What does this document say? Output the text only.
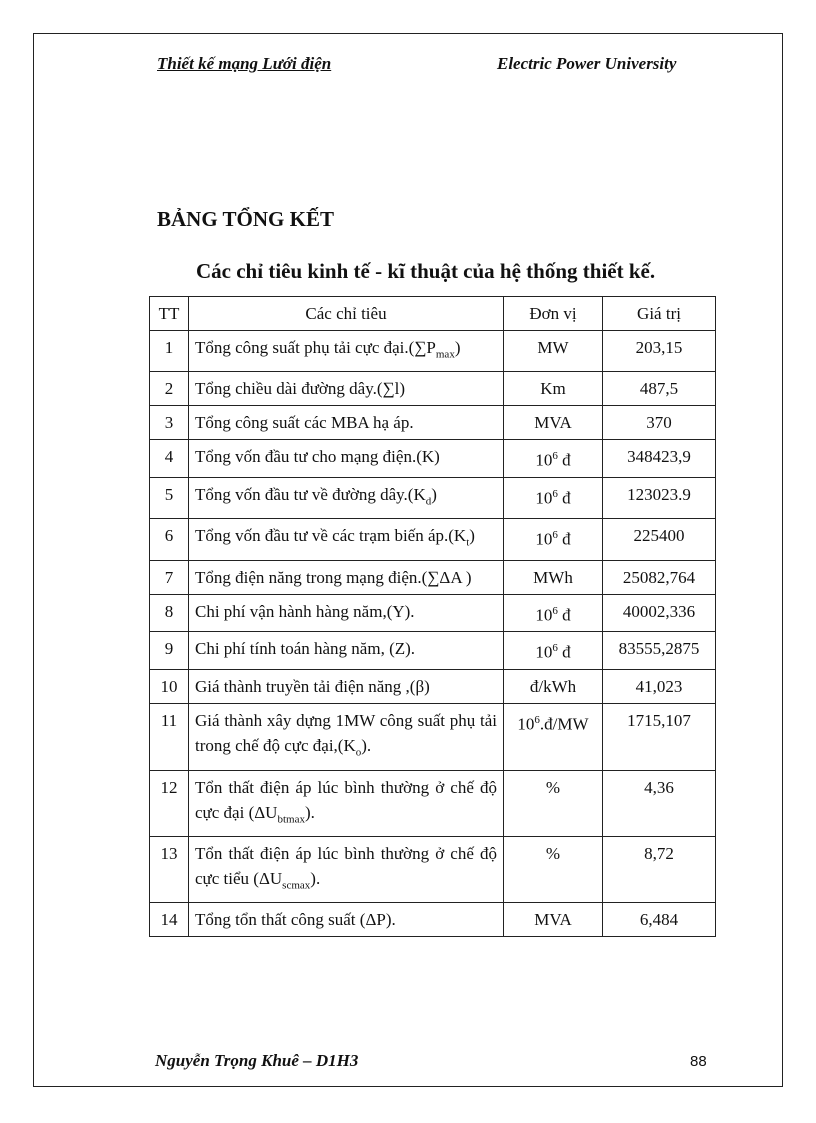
Thiết kế mạng Lưới điện	Electric Power University
BẢNG TỔNG KẾT
Các chỉ tiêu kinh tế - kĩ thuật của hệ thống thiết kế.
TT	Các chỉ tiêu	Đơn vị	Giá trị
1	Tổng công suất phụ tải cực $đại.(\sum P_{max})$	MW	203,15
2	Tổng chiều dài đường dây.(∑l)	Km	487,5
3	Tổng công suất các MBA hạ áp.	MVA	370
4	Tổng vốn đầu tư cho mạng điện.(K)	$10^6$ đ	348423,9
5	Tổng vốn đầu tư về đường $dây.(K_d)$	$10^6$ đ	123023.9
6	Tổng vốn đầu tư về các trạm biến $áp.(K_t)$	$10^6$ đ	225400
7	Tổng điện năng trong mạng điện.(∑ΔA )	MWh	25082,764
8	Chi phí vận hành hàng năm,(Y).	$10^6$ đ	40002,336
9	Chi phí tính toán hàng năm, (Z).	$10^6$ đ	83555,2875
10	Giá thành truyền tải điện năng ,(β)	đ/kWh	41,023
11	Giá thành xây dựng 1MW công suất phụ tải trong chế độ cực $đại,(K_o)$.	$10^6.đ/MW$	1715,107
12	Tổn thất điện áp lúc bình thường ở chế độ cực đại $(\Delta U_{btmax})$.	%	4,36
13	Tổn thất điện áp lúc bình thường ở chế độ cực tiểu $(\Delta U_{scmax})$.	%	8,72
14	Tổng tổn thất công suất (ΔP).	MVA	6,484
Nguyễn Trọng Khuê – D1H3	88
